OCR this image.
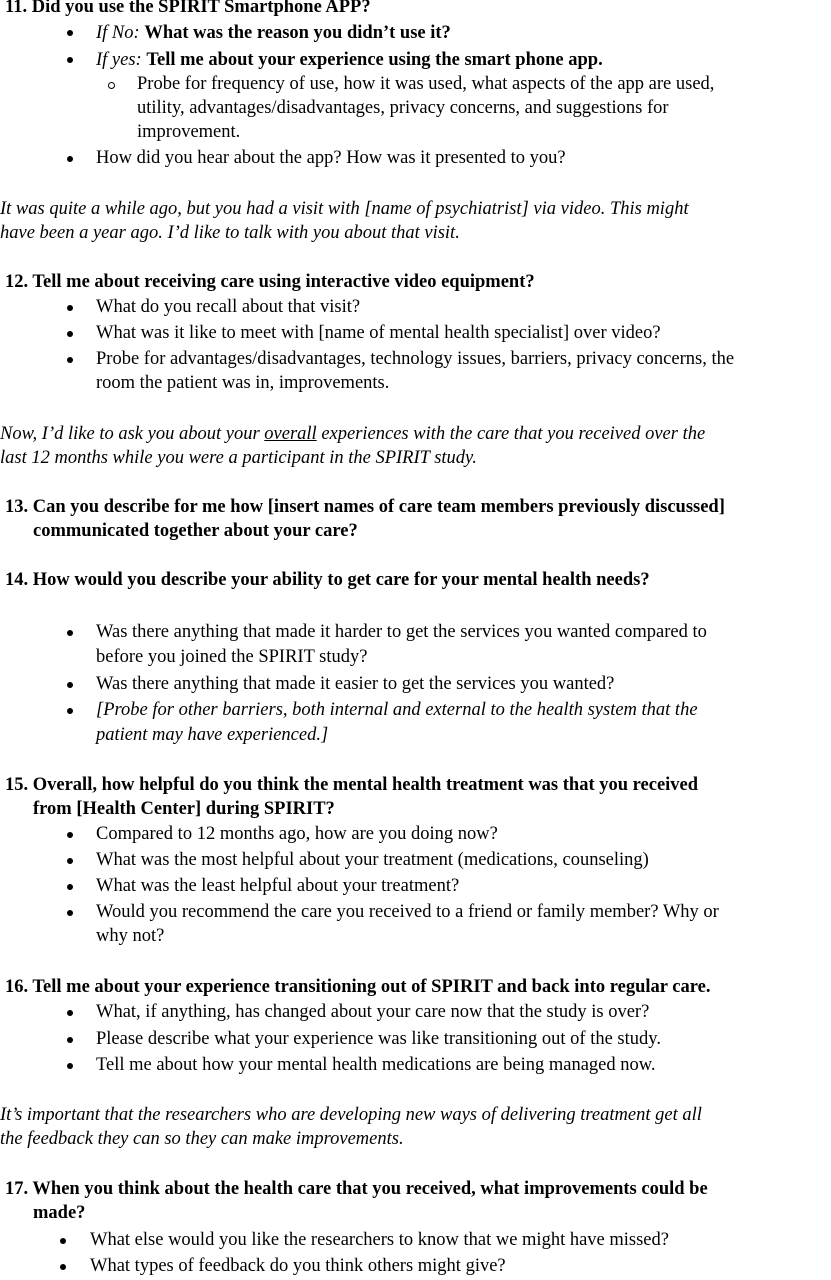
11. Did you use the SPIRIT Smartphone APP?
If No: What was the reason you didn’t use it?
If yes: Tell me about your experience using the smart phone app.
Probe for frequency of use, how it was used, what aspects of the app are used,
utility, advantages/disadvantages, privacy concerns, and suggestions for
improvement.
How did you hear about the app? How was it presented to you?
It was quite a while ago, but you had a visit with [name of psychiatrist] via video. This might
have been a year ago. I’d like to talk with you about that visit.
12. Tell me about receiving care using interactive video equipment?
What do you recall about that visit?
What was it like to meet with [name of mental health specialist] over video?
Probe for advantages/disadvantages, technology issues, barriers, privacy concerns, the
room the patient was in, improvements.
Now, I’d like to ask you about your overall experiences with the care that you received over the
last 12 months while you were a participant in the SPIRIT study.
13. Can you describe for me how [insert names of care team members previously discussed]
communicated together about your care?
14. How would you describe your ability to get care for your mental health needs?
Was there anything that made it harder to get the services you wanted compared to
before you joined the SPIRIT study?
Was there anything that made it easier to get the services you wanted?
[Probe for other barriers, both internal and external to the health system that the
patient may have experienced.]
15. Overall, how helpful do you think the mental health treatment was that you received
from [Health Center] during SPIRIT?
Compared to 12 months ago, how are you doing now?
What was the most helpful about your treatment (medications, counseling)
What was the least helpful about your treatment?
Would you recommend the care you received to a friend or family member? Why or
why not?
16. Tell me about your experience transitioning out of SPIRIT and back into regular care.
What, if anything, has changed about your care now that the study is over?
Please describe what your experience was like transitioning out of the study.
Tell me about how your mental health medications are being managed now.
It’s important that the researchers who are developing new ways of delivering treatment get all
the feedback they can so they can make improvements.
17. When you think about the health care that you received, what improvements could be
made?
What else would you like the researchers to know that we might have missed?
What types of feedback do you think others might give?
